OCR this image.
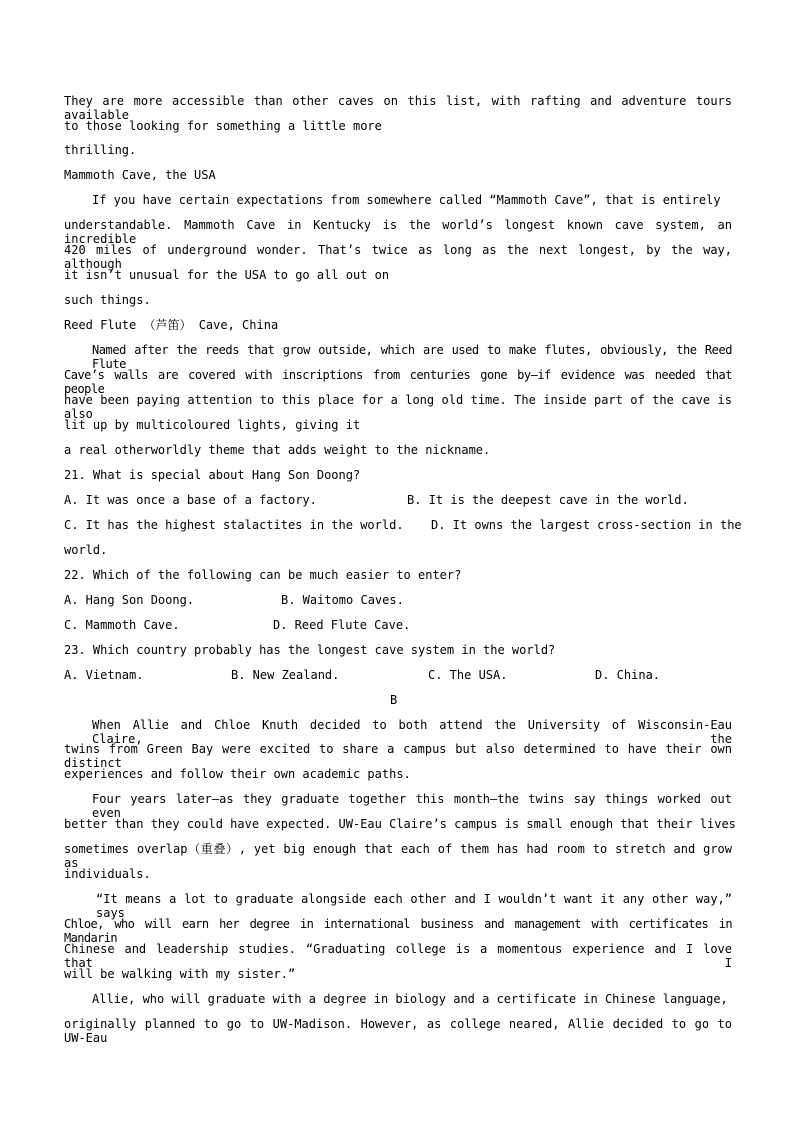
They are more accessible than other caves on this list, with rafting and adventure tours available
to those looking for something a little more
thrilling.
Mammoth Cave, the USA
If you have certain expectations from somewhere called “Mammoth Cave”, that is entirely
understandable. Mammoth Cave in Kentucky is the world’s longest known cave system, an incredible
420 miles of underground wonder. That’s twice as long as the next longest, by the way, although
it isn’t unusual for the USA to go all out on
such things.
Reed Flute （芦笛） Cave, China
Named after the reeds that grow outside, which are used to make flutes, obviously, the Reed Flute
Cave’s walls are covered with inscriptions from centuries gone by—if evidence was needed that people
have been paying attention to this place for a long old time. The inside part of the cave is also
lit up by multicoloured lights, giving it
a real otherworldly theme that adds weight to the nickname.
21. What is special about Hang Son Doong?
A. It was once a base of a factory.	B. It is the deepest cave in the world.
C. It has the highest stalactites in the world. D. It owns the largest cross-section in the
world.
22. Which of the following can be much easier to enter?
A. Hang Son Doong.	B. Waitomo Caves.
C. Mammoth Cave.	D. Reed Flute Cave.
23. Which country probably has the longest cave system in the world?
A. Vietnam.	B. New Zealand.	C. The USA.	D. China.
B
When Allie and Chloe Knuth decided to both attend the University of Wisconsin-Eau Claire, the
twins from Green Bay were excited to share a campus but also determined to have their own distinct
experiences and follow their own academic paths.
Four years later—as they graduate together this month—the twins say things worked out even
better than they could have expected. UW-Eau Claire’s campus is small enough that their lives
sometimes overlap（重叠）, yet big enough that each of them has had room to stretch and grow as
individuals.
“It means a lot to graduate alongside each other and I wouldn’t want it any other way,” says
Chloe, who will earn her degree in international business and management with certificates in Mandarin
Chinese and leadership studies. “Graduating college is a momentous experience and I love that I
will be walking with my sister.”
Allie, who will graduate with a degree in biology and a certificate in Chinese language,
originally planned to go to UW-Madison. However, as college neared, Allie decided to go to UW-Eau
